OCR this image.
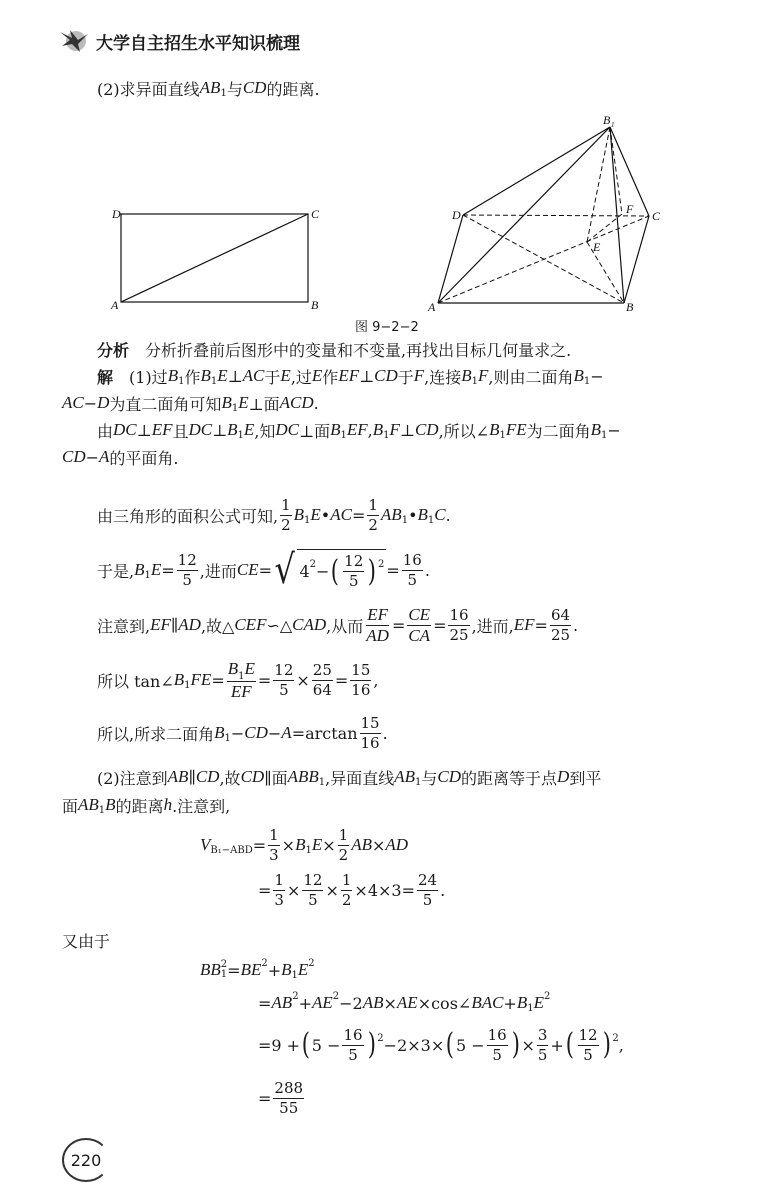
大学自主招生水平知识梳理
(2)求异面直线 AB 1 与 CD 的距离.
D	C
A	B
B 1
D	C
F
E
A	B
图 9−2−2
分析 　分析折叠前后图形中的变量和不变量,再找出目标几何量求之.
解 　(1)过 B 1 作 B 1 E ⊥ AC 于 E ,过 E 作 EF ⊥ CD 于 F ,连接 B 1 F ,则由二面角 B 1 −
AC − D 为直二面角可知 B 1 E ⊥面 ACD .
由 DC ⊥ EF 且 DC ⊥ B 1 E ,知 DC ⊥面 B 1 EF , B 1 F ⊥ CD ,所以∠ B 1 FE 为二面角 B 1 −
CD − A 的平面角.
由三角形的面积公式可知, $\frac{1}{2}$ B 1 E • AC = $\frac{1}{2}$ AB 1 • B 1 C .
于是, B 1 $E = \frac{12}{5}$ ,进而 CE = √ 4 2 − ( $\frac{12}{5}$ ) $2 = \frac{16}{5}$ .
注意到, EF ∥ AD ,故△ CEF ∽△ CAD ,从而 $\frac{EF}{AD} = \frac{CE}{CA} = \frac{16}{25}$ ,进而, EF = $\frac{64}{25}$ .
所以 tan∠ B 1 FE = $\frac{B_1E}{EF} = \frac{12}{5} \times \frac{25}{64} = \frac{15}{16}$ ,
所以,所求二面角 B 1 − CD − $A =\arctan \frac{15}{16}$ .
(2)注意到 AB ∥ CD ,故 CD ∥面 ABB 1 ,异面直线 AB 1 与 CD 的距离等于点 D 到平
面 AB 1 B 的距离 h .注意到,
V $B_1-ABD = \frac{1}{3} \times B$ 1 $E \times \frac{1}{2}$ AB × AD
= $\frac{1}{3} \times \frac{12}{5} \times \frac{1}{2} \times 4\times 3= \frac{24}{5}$ .
又由于
BB 2
1 = BE 2 + B 1 E 2
= AB 2 + AE 2 −2 AB × AE ×cos∠ BAC + B 1 E 2
=9 + ( $5 - \frac{16}{5}$ ) 2 −2×3× ( $5 - \frac{16}{5}$ ) × $\frac{3}{5}$ + ( $\frac{12}{5}$ ) 2 ,
= $\frac{288}{55}$
220
